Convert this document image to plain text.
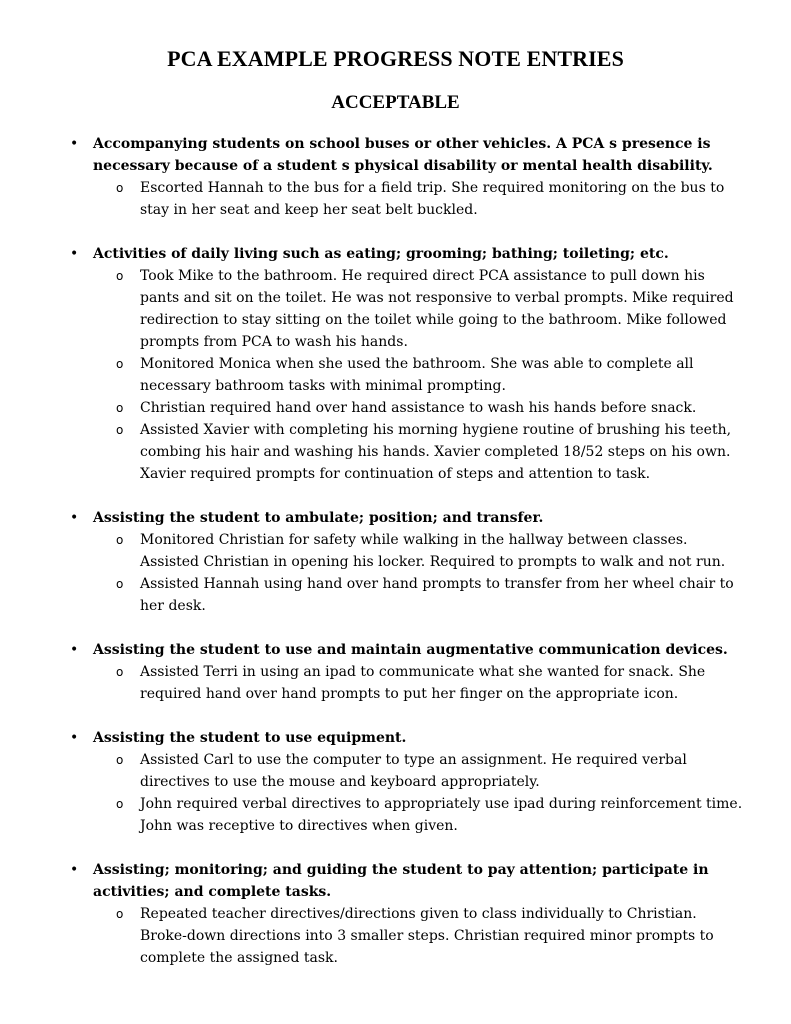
PCA EXAMPLE PROGRESS NOTE ENTRIES
ACCEPTABLE
• Accompanying students on school buses or other vehicles. A PCA s presence is necessary because of a student s physical disability or mental health disability.
o Escorted Hannah to the bus for a field trip. She required monitoring on the bus to stay in her seat and keep her seat belt buckled.
• Activities of daily living such as eating; grooming; bathing; toileting; etc.
o Took Mike to the bathroom. He required direct PCA assistance to pull down his pants and sit on the toilet. He was not responsive to verbal prompts. Mike required redirection to stay sitting on the toilet while going to the bathroom. Mike followed prompts from PCA to wash his hands.
o Monitored Monica when she used the bathroom. She was able to complete all necessary bathroom tasks with minimal prompting.
o Christian required hand over hand assistance to wash his hands before snack.
o Assisted Xavier with completing his morning hygiene routine of brushing his teeth, combing his hair and washing his hands. Xavier completed 18/52 steps on his own. Xavier required prompts for continuation of steps and attention to task.
• Assisting the student to ambulate; position; and transfer.
o Monitored Christian for safety while walking in the hallway between classes. Assisted Christian in opening his locker. Required to prompts to walk and not run.
o Assisted Hannah using hand over hand prompts to transfer from her wheel chair to her desk.
• Assisting the student to use and maintain augmentative communication devices.
o Assisted Terri in using an ipad to communicate what she wanted for snack. She required hand over hand prompts to put her finger on the appropriate icon.
• Assisting the student to use equipment.
o Assisted Carl to use the computer to type an assignment. He required verbal directives to use the mouse and keyboard appropriately.
o John required verbal directives to appropriately use ipad during reinforcement time. John was receptive to directives when given.
• Assisting; monitoring; and guiding the student to pay attention; participate in activities; and complete tasks.
o Repeated teacher directives/directions given to class individually to Christian. Broke-down directions into 3 smaller steps. Christian required minor prompts to complete the assigned task.
